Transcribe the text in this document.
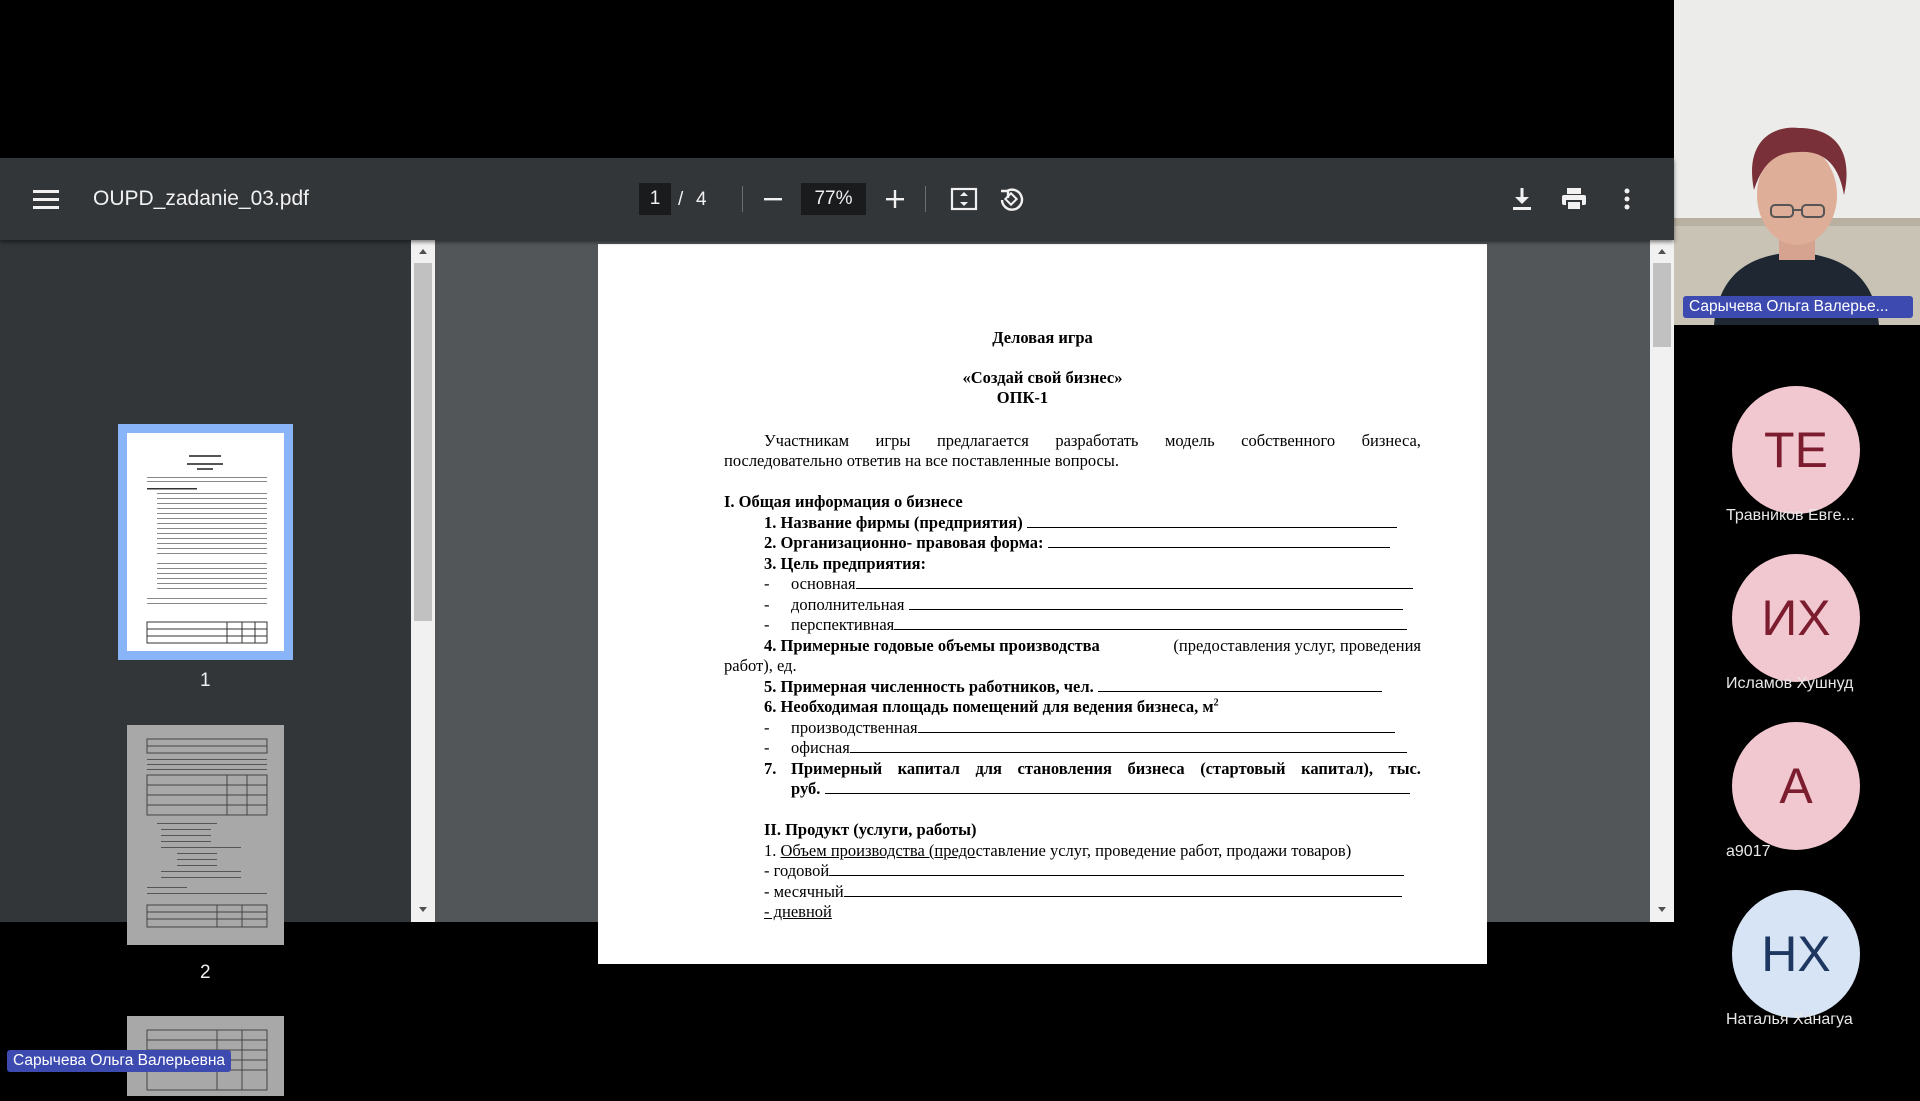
OUPD_zadanie_03.pdf	1 / 4	77%
1
2
Деловая игра
«Создай свой бизнес»
ОПК-1
Участникам игры предлагается разработать модель собственного бизнеса,
последовательно ответив на все поставленные вопросы.
I. Общая информация о бизнесе
1. Название фирмы (предприятия)
2. Организационно- правовая форма:
3. Цель предприятия:
- основная
- дополнительная
- перспективная
4. Примерные годовые объемы производства	(предоставления услуг, проведения
работ), ед.
5. Примерная численность работников, чел.
6. Необходимая площадь помещений для ведения бизнеса, $м^2$
- производственная
- офисная
7. Примерный капитал для становления бизнеса (стартовый капитал), тыс.
руб.
II. Продукт (услуги, работы)
1. Объем производства (предоставление услуг, проведение работ, продажи товаров)
- годовой
- месячный
- дневной
Сарычева Ольга Валерье...
ТЕ
Травников Евге...
ИХ
Исламов Хушнуд
А
a9017
НХ
Наталья Ханагуа
Сарычева Ольга Валерьевна
